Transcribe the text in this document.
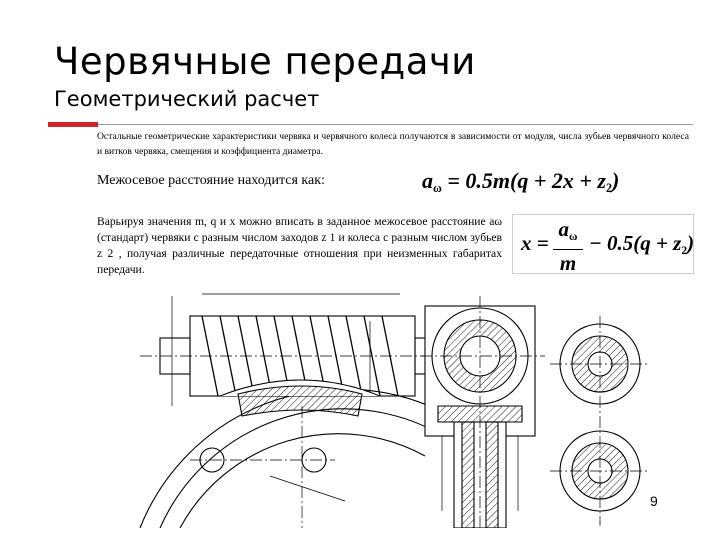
Червячные передачи
Геометрический расчет

Остальные геометрические характеристики червяка и червячного колеса получаются в зависимости от модуля, числа зубьев червячного колеса и витков червяка, смещения и коэффициента диаметра.

Межосевое расстояние находится как:	$a_\omega = 0.5m(q + 2x + z_2)$

Варьируя значения m, q и x можно вписать в заданное межосевое расстояние aω (стандарт) червяки с разным числом заходов z 1 и колеса с разным числом зубьев z 2 , получая различные передаточные отношения при неизменных габаритах передачи.

$x = \frac{a_\omega}{m} - 0.5(q + z_2)$
9
